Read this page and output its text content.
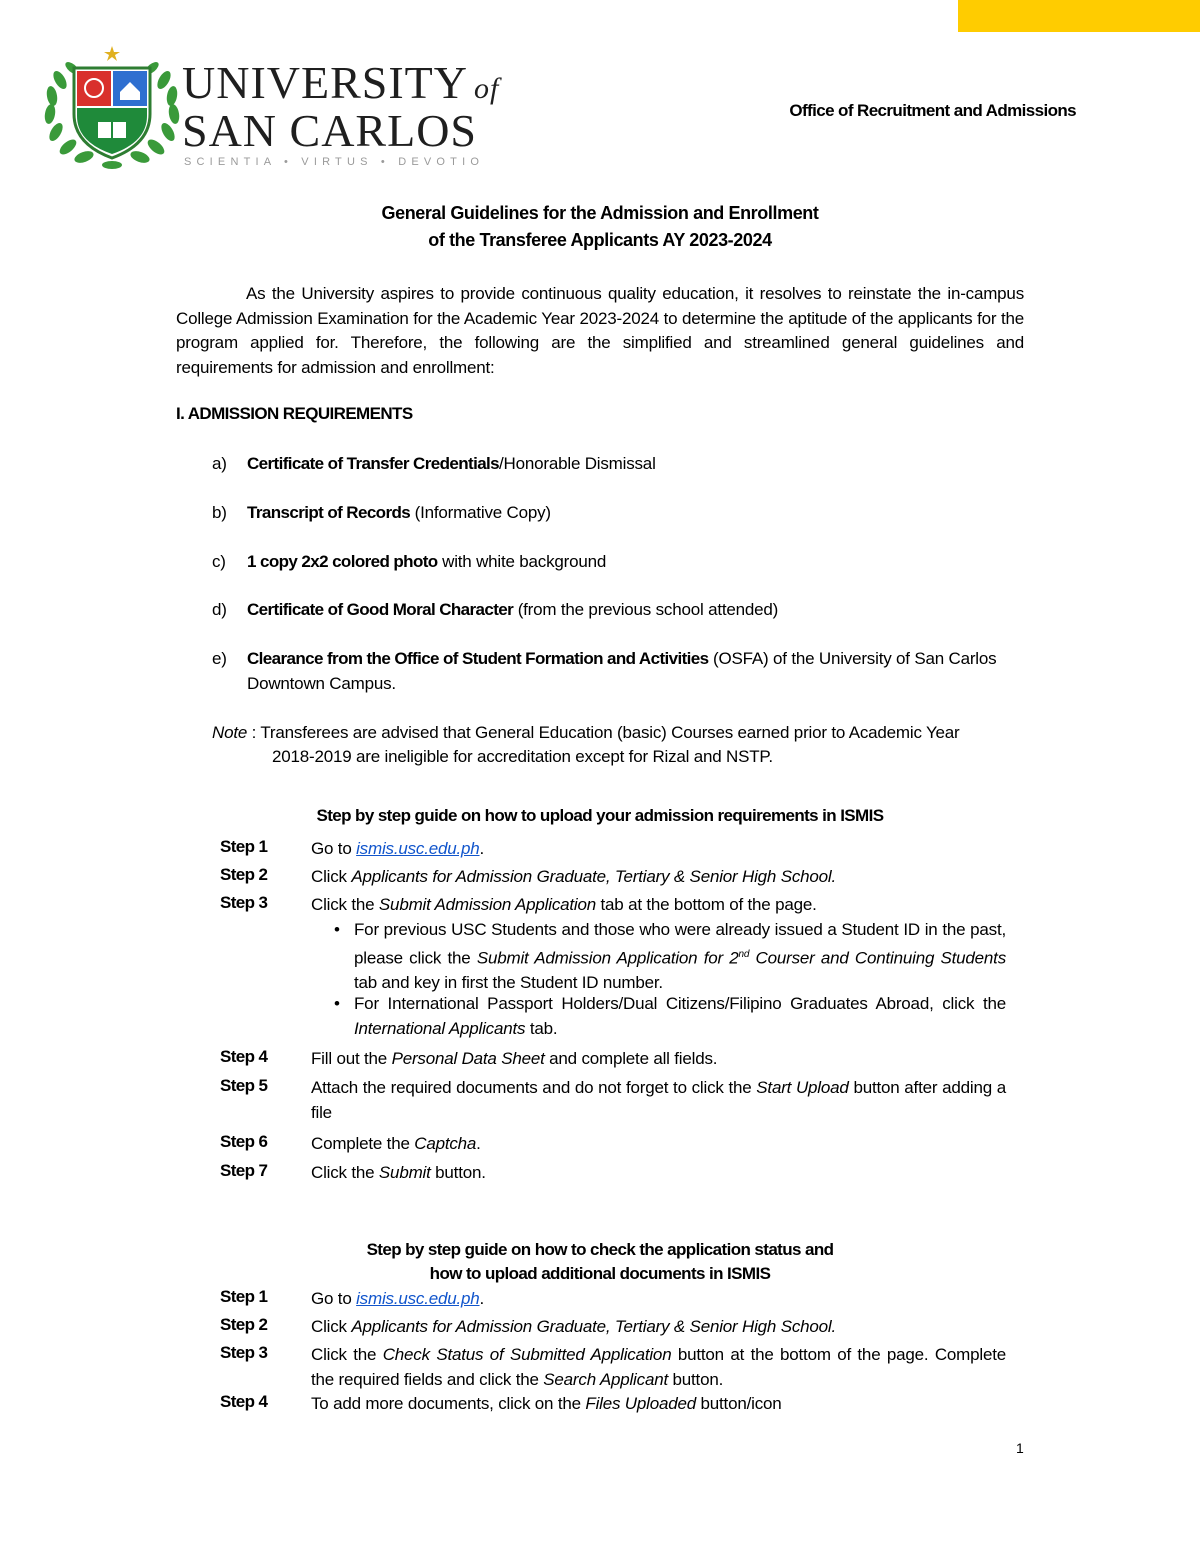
UNIVERSITY of
SAN CARLOS
SCIENTIA • VIRTUS • DEVOTIO
Office of Recruitment and Admissions
General Guidelines for the Admission and Enrollment
of the Transferee Applicants AY 2023-2024
As the University aspires to provide continuous quality education, it resolves to reinstate the in-campus College Admission Examination for the Academic Year 2023-2024 to determine the aptitude of the applicants for the program applied for. Therefore, the following are the simplified and streamlined general guidelines and requirements for admission and enrollment:
I. ADMISSION REQUIREMENTS
a) Certificate of Transfer Credentials/Honorable Dismissal
b) Transcript of Records (Informative Copy)
c) 1 copy 2x2 colored photo with white background
d) Certificate of Good Moral Character (from the previous school attended)
e) Clearance from the Office of Student Formation and Activities (OSFA) of the University of San Carlos Downtown Campus.
Note : Transferees are advised that General Education (basic) Courses earned prior to Academic Year
2018-2019 are ineligible for accreditation except for Rizal and NSTP.
Step by step guide on how to upload your admission requirements in ISMIS
Step 1	Go to ismis.usc.edu.ph.
Step 2	Click Applicants for Admission Graduate, Tertiary & Senior High School.
Step 3	Click the Submit Admission Application tab at the bottom of the page.
• For previous USC Students and those who were already issued a Student ID in the past, please click the Submit Admission Application for 2nd Courser and Continuing Students tab and key in first the Student ID number.
• For International Passport Holders/Dual Citizens/Filipino Graduates Abroad, click the International Applicants tab.
Step 4	Fill out the Personal Data Sheet and complete all fields.
Step 5	Attach the required documents and do not forget to click the Start Upload button after adding a file
Step 6	Complete the Captcha.
Step 7	Click the Submit button.
Step by step guide on how to check the application status and
how to upload additional documents in ISMIS
Step 1	Go to ismis.usc.edu.ph.
Step 2	Click Applicants for Admission Graduate, Tertiary & Senior High School.
Step 3	Click the Check Status of Submitted Application button at the bottom of the page. Complete the required fields and click the Search Applicant button.
Step 4	To add more documents, click on the Files Uploaded button/icon
1
